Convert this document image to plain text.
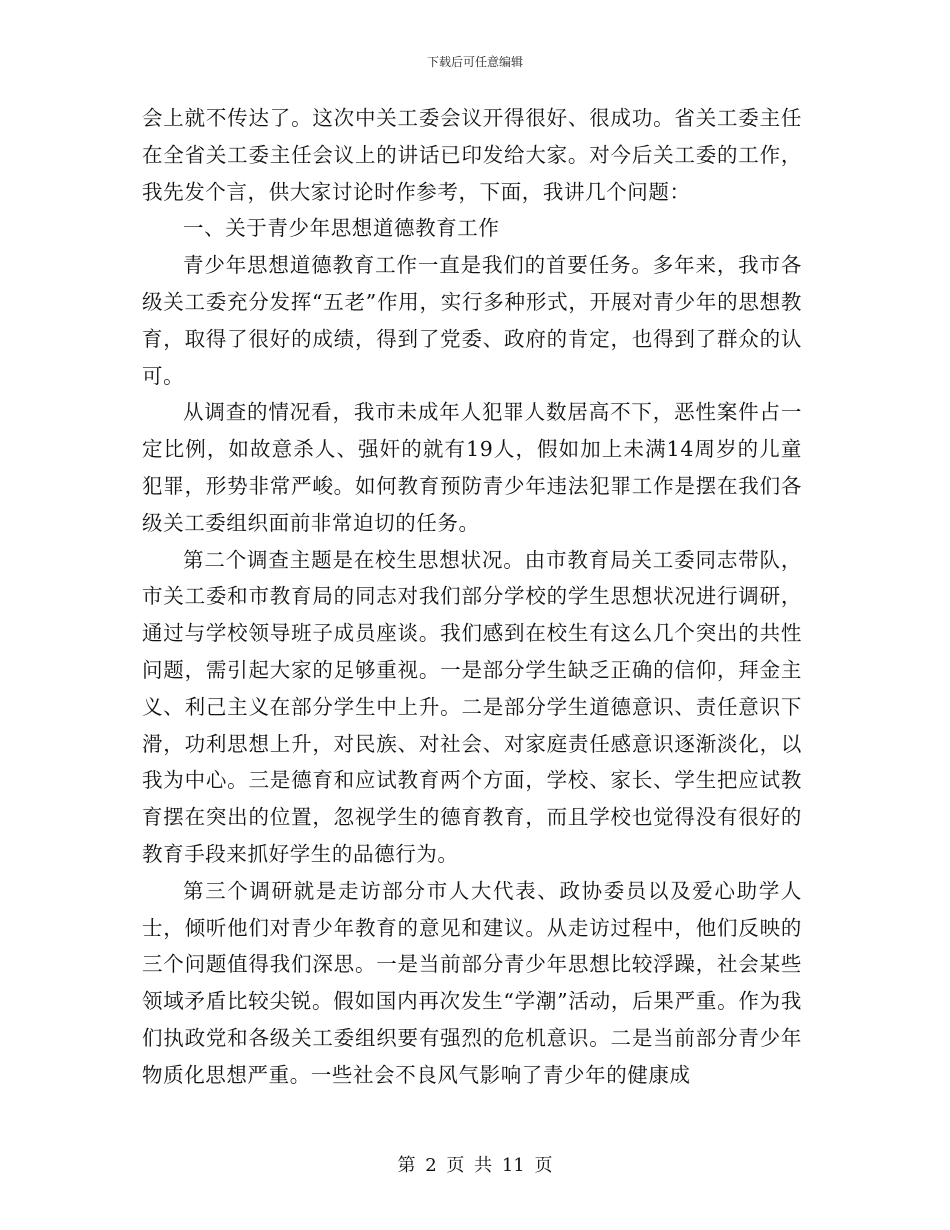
下载后可任意编辑

会上就不传达了。这次中关工委会议开得很好、很成功。省关工委主任在全省关工委主任会议上的讲话已印发给大家。对今后关工委的工作，我先发个言，供大家讨论时作参考，下面，我讲几个问题：

一、关于青少年思想道德教育工作

青少年思想道德教育工作一直是我们的首要任务。多年来，我市各级关工委充分发挥“五老”作用，实行多种形式，开展对青少年的思想教育，取得了很好的成绩，得到了党委、政府的肯定，也得到了群众的认可。

从调查的情况看，我市未成年人犯罪人数居高不下，恶性案件占一定比例，如故意杀人、强奸的就有19人，假如加上未满14周岁的儿童犯罪，形势非常严峻。如何教育预防青少年违法犯罪工作是摆在我们各级关工委组织面前非常迫切的任务。

第二个调查主题是在校生思想状况。由市教育局关工委同志带队，市关工委和市教育局的同志对我们部分学校的学生思想状况进行调研，通过与学校领导班子成员座谈。我们感到在校生有这么几个突出的共性问题，需引起大家的足够重视。一是部分学生缺乏正确的信仰，拜金主义、利己主义在部分学生中上升。二是部分学生道德意识、责任意识下滑，功利思想上升，对民族、对社会、对家庭责任感意识逐渐淡化，以我为中心。三是德育和应试教育两个方面，学校、家长、学生把应试教育摆在突出的位置，忽视学生的德育教育，而且学校也觉得没有很好的教育手段来抓好学生的品德行为。

第三个调研就是走访部分市人大代表、政协委员以及爱心助学人士，倾听他们对青少年教育的意见和建议。从走访过程中，他们反映的三个问题值得我们深思。一是当前部分青少年思想比较浮躁，社会某些领域矛盾比较尖锐。假如国内再次发生“学潮”活动，后果严重。作为我们执政党和各级关工委组织要有强烈的危机意识。二是当前部分青少年物质化思想严重。一些社会不良风气影响了青少年的健康成

第 2 页 共 11 页
